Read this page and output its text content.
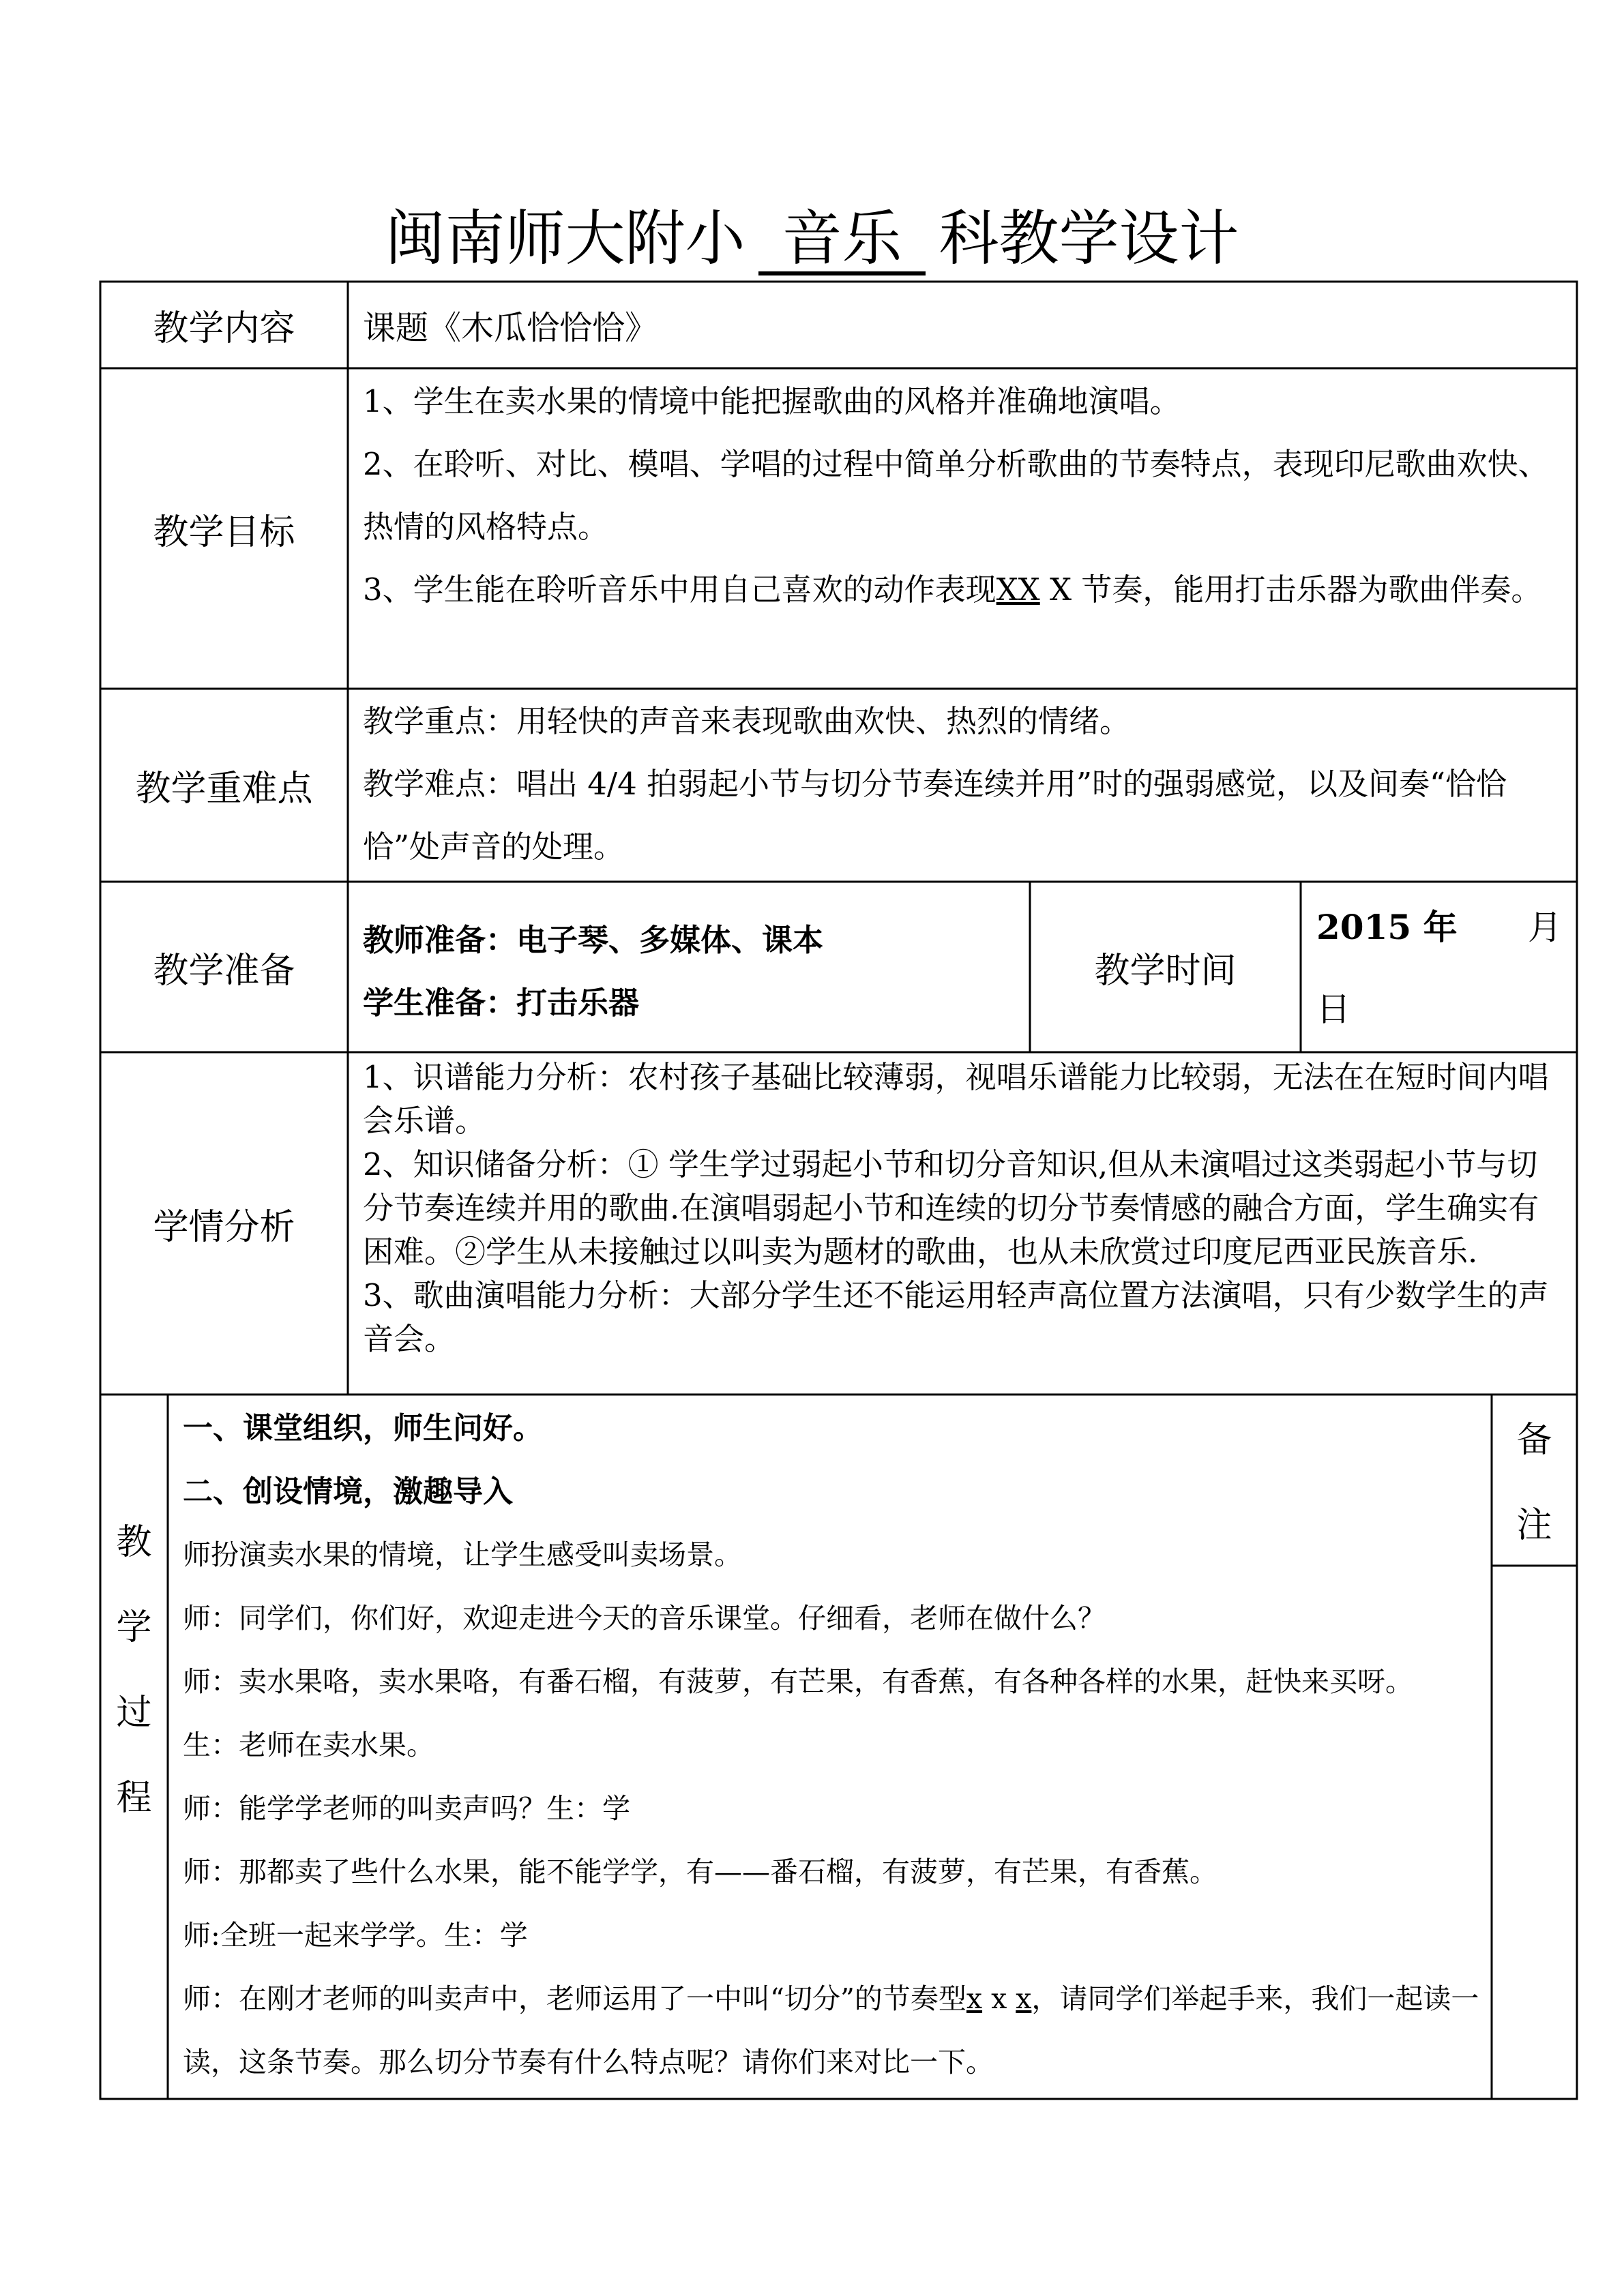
闽南师大附小 音乐 科教学设计
教学内容	课题《木瓜恰恰恰》
教学目标

1、学生在卖水果的情境中能把握歌曲的风格并准确地演唱。

2、在聆听、对比、模唱、学唱的过程中简单分析歌曲的节奏特点，表现印尼歌曲欢快、热情的风格特点。

3、学生能在聆听音乐中用自己喜欢的动作表现XX X 节奏，能用打击乐器为歌曲伴奏。

教学重难点

教学重点：用轻快的声音来表现歌曲欢快、热烈的情绪。

教学难点：唱出 4/4 拍弱起小节与切分节奏连续并用”时的强弱感觉，以及间奏“恰恰恰”处声音的处理。

教学准备
教师准备：电子琴、多媒体、课本
学生准备：打击乐器
教学时间
2015 年 月
日
学情分析

1、识谱能力分析：农村孩子基础比较薄弱，视唱乐谱能力比较弱，无法在在短时间内唱会乐谱。

2、知识储备分析：① 学生学过弱起小节和切分音知识,但从未演唱过这类弱起小节与切分节奏连续并用的歌曲.在演唱弱起小节和连续的切分节奏情感的融合方面，学生确实有困难。②学生从未接触过以叫卖为题材的歌曲，也从未欣赏过印度尼西亚民族音乐.

3、歌曲演唱能力分析：大部分学生还不能运用轻声高位置方法演唱，只有少数学生的声音会。

教
学
过
程
备
注

一、课堂组织，师生问好。

二、创设情境，激趣导入

师扮演卖水果的情境，让学生感受叫卖场景。

师：同学们，你们好，欢迎走进今天的音乐课堂。仔细看，老师在做什么？

师：卖水果咯，卖水果咯，有番石榴，有菠萝，有芒果，有香蕉，有各种各样的水果，赶快来买呀。

生：老师在卖水果。

师：能学学老师的叫卖声吗？生：学

师：那都卖了些什么水果，能不能学学，有——番石榴，有菠萝，有芒果，有香蕉。

师:全班一起来学学。生：学

师：在刚才老师的叫卖声中，老师运用了一中叫“切分”的节奏型x x x，请同学们举起手来，我们一起读一读，这条节奏。那么切分节奏有什么特点呢？请你们来对比一下。
